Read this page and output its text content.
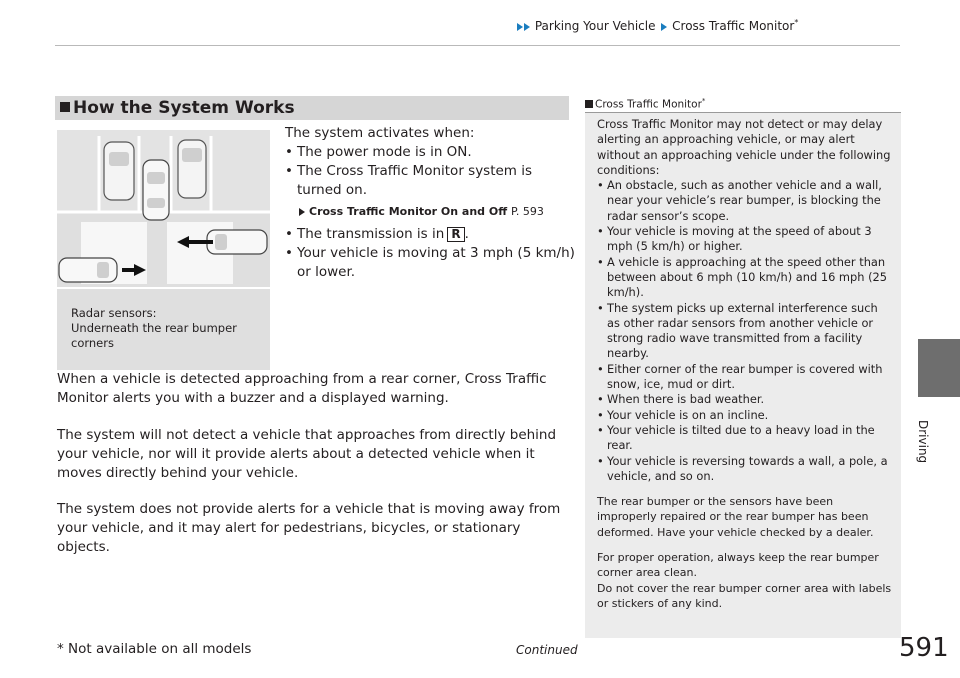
Parking Your Vehicle Cross Traffic Monitor*
Driving
How the System Works
Radar sensors:
Underneath the rear bumper corners
The system activates when:
• The power mode is in ON.
• The Cross Traffic Monitor system is turned on.
Cross Traffic Monitor On and Off P. 593
• The transmission is in R .
• Your vehicle is moving at 3 mph (5 km/h) or lower.
When a vehicle is detected approaching from a rear corner, Cross Traffic Monitor alerts you with a buzzer and a displayed warning.
The system will not detect a vehicle that approaches from directly behind your vehicle, nor will it provide alerts about a detected vehicle when it moves directly behind your vehicle.
The system does not provide alerts for a vehicle that is moving away from your vehicle, and it may alert for pedestrians, bicycles, or stationary objects.
Cross Traffic Monitor*
Cross Traffic Monitor may not detect or may delay alerting an approaching vehicle, or may alert without an approaching vehicle under the following conditions:
• An obstacle, such as another vehicle and a wall, near your vehicle’s rear bumper, is blocking the radar sensor’s scope.
• Your vehicle is moving at the speed of about 3 mph (5 km/h) or higher.
• A vehicle is approaching at the speed other than between about 6 mph (10 km/h) and 16 mph (25 km/h).
• The system picks up external interference such as other radar sensors from another vehicle or strong radio wave transmitted from a facility nearby.
• Either corner of the rear bumper is covered with snow, ice, mud or dirt.
• When there is bad weather.
• Your vehicle is on an incline.
• Your vehicle is tilted due to a heavy load in the rear.
• Your vehicle is reversing towards a wall, a pole, a vehicle, and so on.
The rear bumper or the sensors have been improperly repaired or the rear bumper has been deformed. Have your vehicle checked by a dealer.
For proper operation, always keep the rear bumper corner area clean.
Do not cover the rear bumper corner area with labels or stickers of any kind.
* Not available on all models	Continued	591
